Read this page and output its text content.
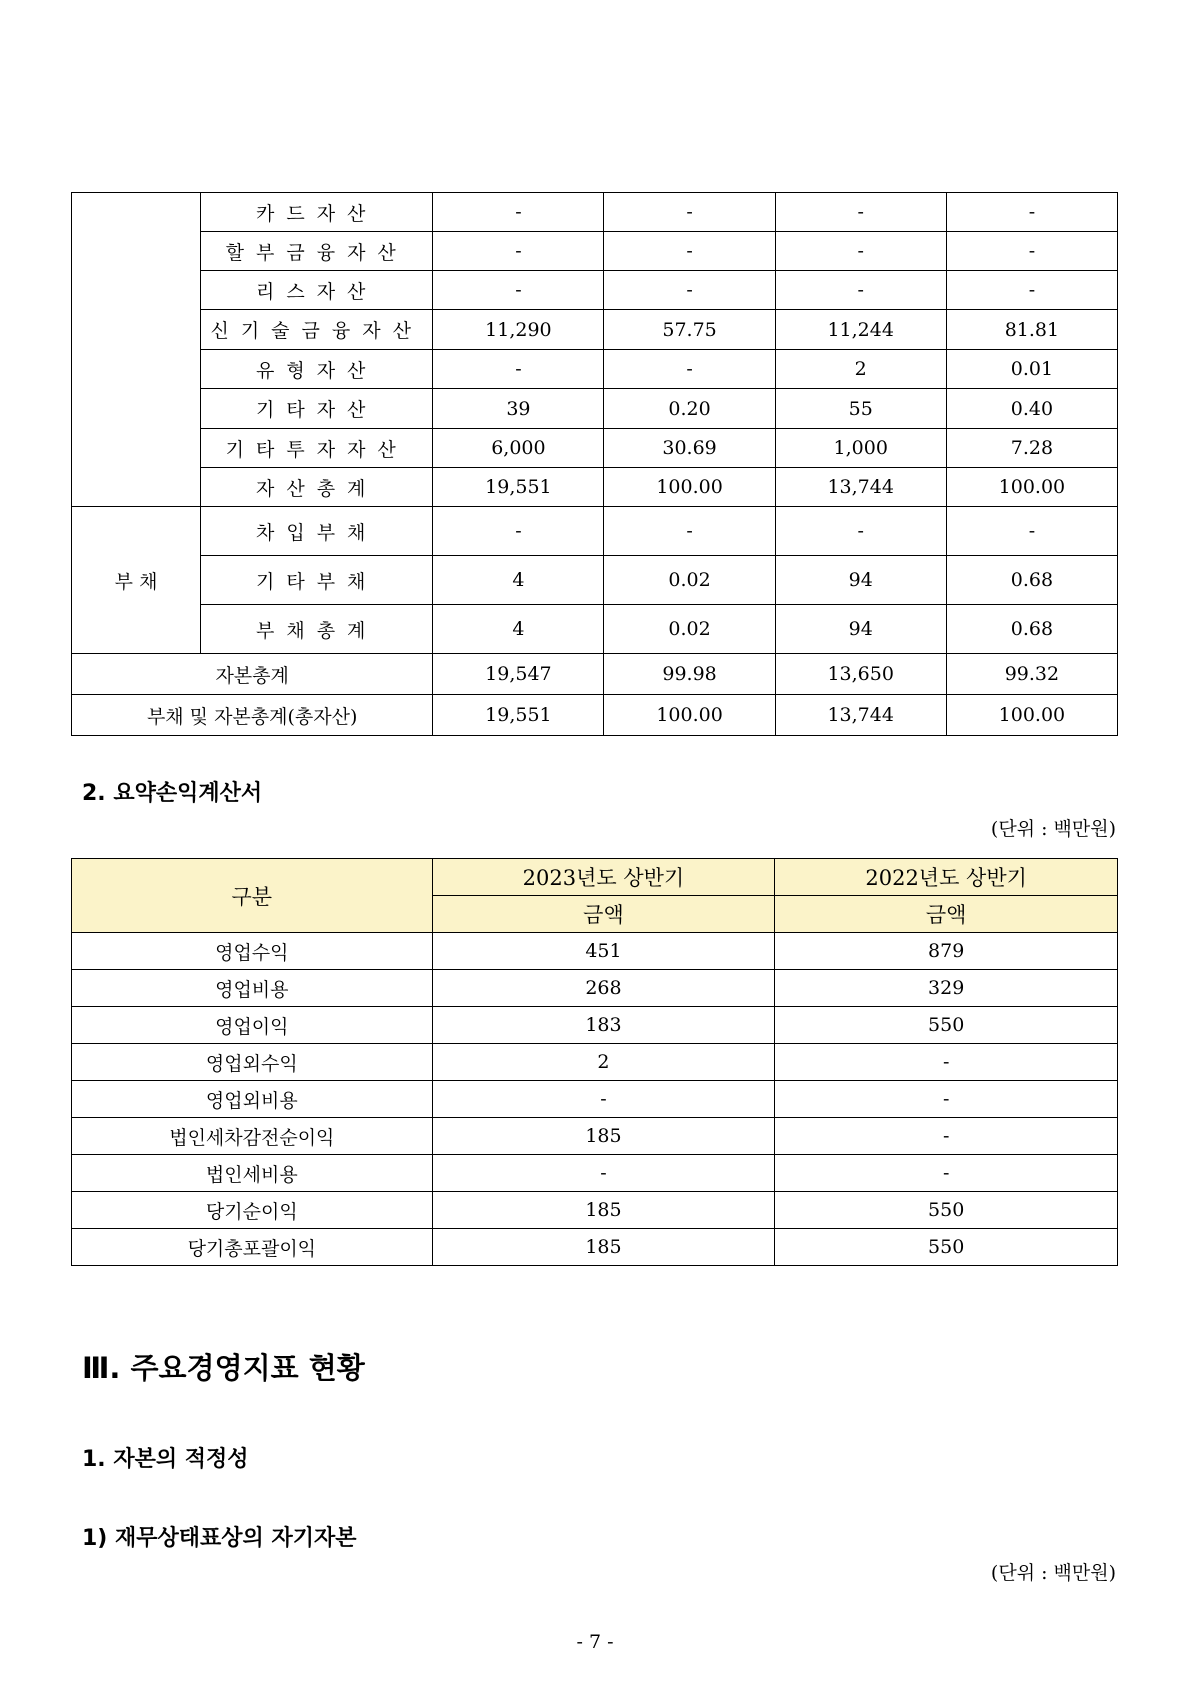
	카드자산	-	-	-	-
	할부금융자산	-	-	-	-
	리스자산	-	-	-	-
	신기술금융자산	11,290	57.75	11,244	81.81
	유형자산	-	-	2	0.01
	기타자산	39	0.20	55	0.40
	기타투자자산	6,000	30.69	1,000	7.28
	자산총계	19,551	100.00	13,744	100.00
부 채	차입부채	-	-	-	-
	기타부채	4	0.02	94	0.68
	부채총계	4	0.02	94	0.68
자본총계		19,547	99.98	13,650	99.32
부채 및 자본총계(총자산)		19,551	100.00	13,744	100.00
2. 요약손익계산서
(단위 : 백만원)
구분	2023년도 상반기	2022년도 상반기
	금액	금액
영업수익	451	879
영업비용	268	329
영업이익	183	550
영업외수익	2	-
영업외비용	-	-
법인세차감전순이익	185	-
법인세비용	-	-
당기순이익	185	550
당기총포괄이익	185	550
Ⅲ. 주요경영지표 현황
1. 자본의 적정성
1) 재무상태표상의 자기자본
(단위 : 백만원)
- 7 -
